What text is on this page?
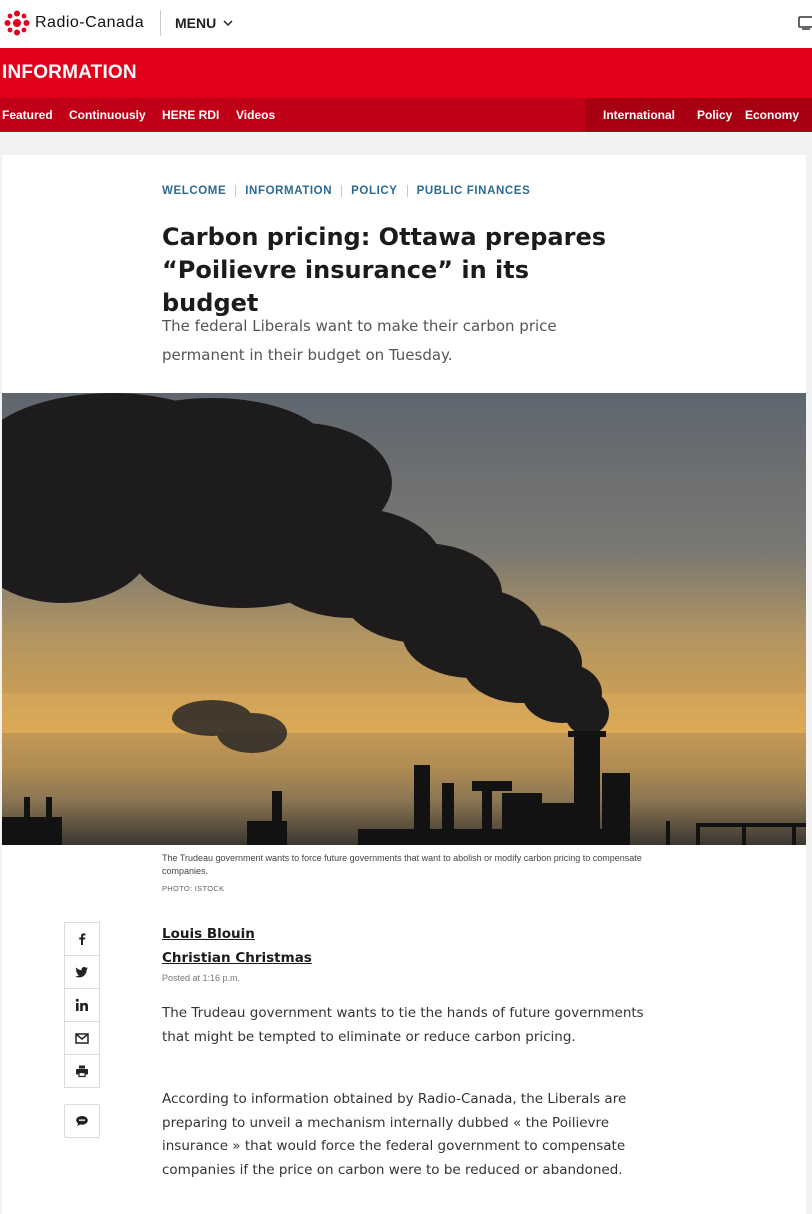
Radio-Canada MENU
INFORMATION
Featured Continuously HERE RDI Videos	International Policy Economy
WELCOME INFORMATION POLICY PUBLIC FINANCES
Carbon pricing: Ottawa prepares “Poilievre insurance” in its budget

The federal Liberals want to make their carbon price permanent in their budget on Tuesday.

The Trudeau government wants to force future governments that want to abolish or modify carbon pricing to compensate companies.

PHOTO: ISTOCK

Louis Blouin
Christian Christmas
Posted at 1:16 p.m.

The Trudeau government wants to tie the hands of future governments that might be tempted to eliminate or reduce carbon pricing.

According to information obtained by Radio-Canada, the Liberals are preparing to unveil a mechanism internally dubbed « the Poilievre insurance » that would force the federal government to compensate companies if the price on carbon were to be reduced or abandoned.
